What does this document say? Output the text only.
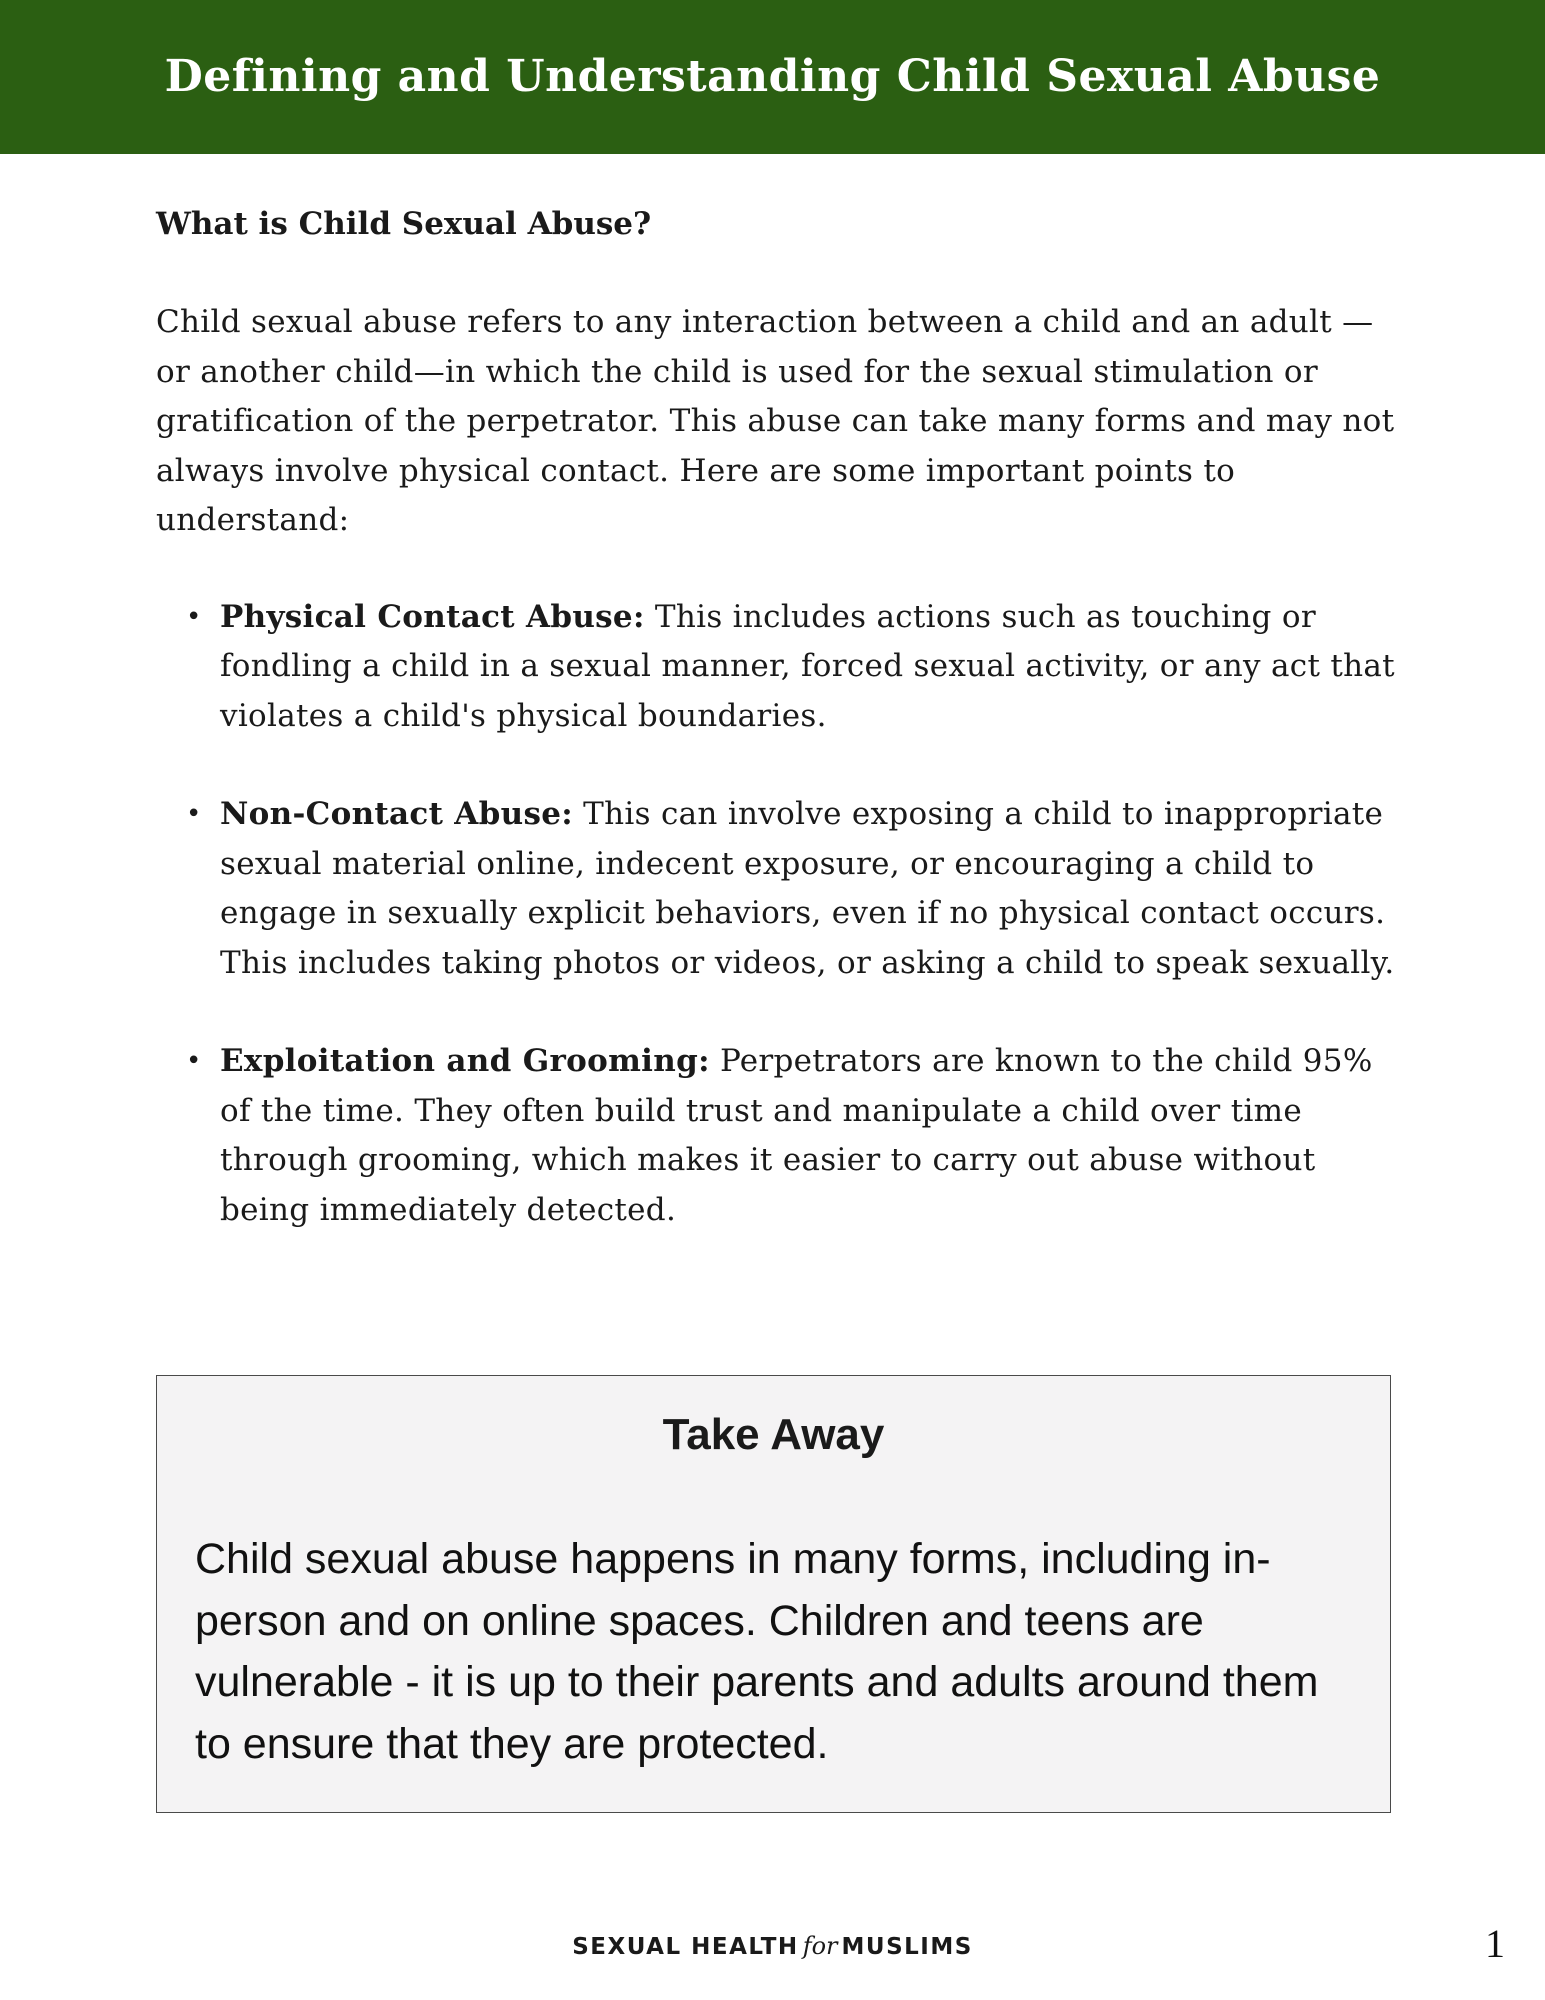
Defining and Understanding Child Sexual Abuse
What is Child Sexual Abuse?

Child sexual abuse refers to any interaction between a child and an adult —or another child—in which the child is used for the sexual stimulation or gratification of the perpetrator. This abuse can take many forms and may not always involve physical contact. Here are some important points to understand:

• Physical Contact Abuse: This includes actions such as touching or fondling a child in a sexual manner, forced sexual activity, or any act that violates a child's physical boundaries.
• Non-Contact Abuse: This can involve exposing a child to inappropriate sexual material online, indecent exposure, or encouraging a child to engage in sexually explicit behaviors, even if no physical contact occurs. This includes taking photos or videos, or asking a child to speak sexually.
• Exploitation and Grooming: Perpetrators are known to the child 95% of the time. They often build trust and manipulate a child over time through grooming, which makes it easier to carry out abuse without being immediately detected.
Take Away

Child sexual abuse happens in many forms, including in-person and on online spaces. Children and teens are vulnerable - it is up to their parents and adults around them to ensure that they are protected.

SEXUAL HEALTH for MUSLIMS	1
